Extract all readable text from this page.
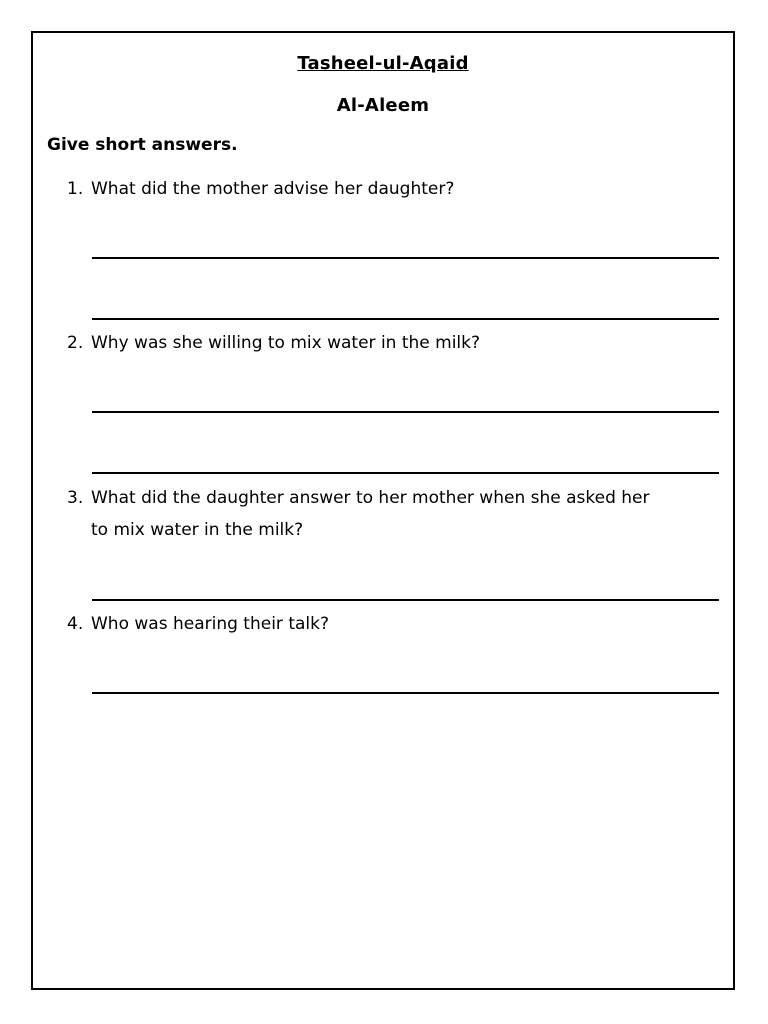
Tasheel-ul-Aqaid
Al-Aleem
Give short answers.
1. What did the mother advise her daughter?
2. Why was she willing to mix water in the milk?
3. What did the daughter answer to her mother when she asked her
to mix water in the milk?
4. Who was hearing their talk?
